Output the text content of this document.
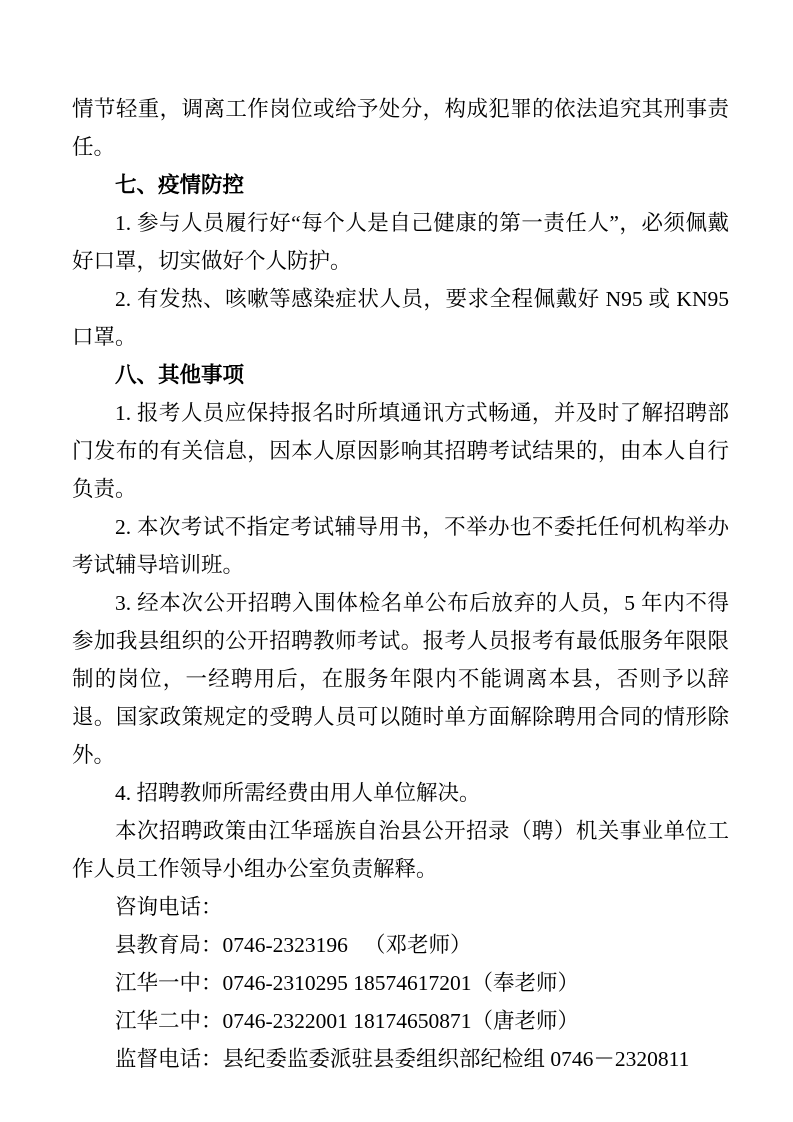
情节轻重，调离工作岗位或给予处分，构成犯罪的依法追究其刑事责任。

七、疫情防控

1. 参与人员履行好“每个人是自己健康的第一责任人”，必须佩戴好口罩，切实做好个人防护。

2. 有发热、咳嗽等感染症状人员，要求全程佩戴好 N95 或 KN95 口罩。

八、其他事项

1. 报考人员应保持报名时所填通讯方式畅通，并及时了解招聘部门发布的有关信息，因本人原因影响其招聘考试结果的，由本人自行负责。

2. 本次考试不指定考试辅导用书，不举办也不委托任何机构举办考试辅导培训班。

3. 经本次公开招聘入围体检名单公布后放弃的人员，5 年内不得参加我县组织的公开招聘教师考试。报考人员报考有最低服务年限限制的岗位，一经聘用后，在服务年限内不能调离本县，否则予以辞退。国家政策规定的受聘人员可以随时单方面解除聘用合同的情形除外。

4. 招聘教师所需经费由用人单位解决。

本次招聘政策由江华瑶族自治县公开招录（聘）机关事业单位工作人员工作领导小组办公室负责解释。

咨询电话：

县教育局：0746-2323196 　（邓老师）

江华一中：0746-2310295 18574617201（奉老师）

江华二中：0746-2322001 18174650871（唐老师）

监督电话：县纪委监委派驻县委组织部纪检组 0746－2320811
